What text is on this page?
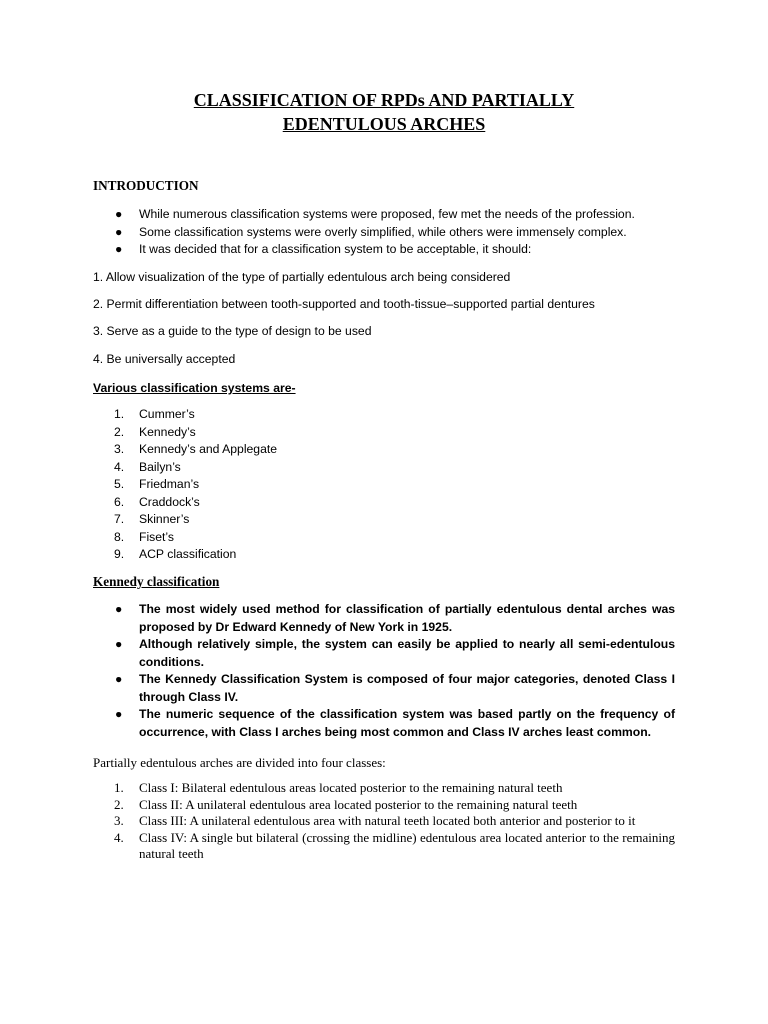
CLASSIFICATION OF RPDs AND PARTIALLY
EDENTULOUS ARCHES
INTRODUCTION
● While numerous classification systems were proposed, few met the needs of the profession.
● Some classification systems were overly simplified, while others were immensely complex.
● It was decided that for a classification system to be acceptable, it should:
1. Allow visualization of the type of partially edentulous arch being considered
2. Permit differentiation between tooth-supported and tooth-tissue–supported partial dentures
3. Serve as a guide to the type of design to be used
4. Be universally accepted
Various classification systems are-
1. Cummer’s
2. Kennedy’s
3. Kennedy’s and Applegate
4. Bailyn’s
5. Friedman’s
6. Craddock’s
7. Skinner’s
8. Fiset’s
9. ACP classification
Kennedy classification
● The most widely used method for classification of partially edentulous dental arches was proposed by Dr Edward Kennedy of New York in 1925.
● Although relatively simple, the system can easily be applied to nearly all semi-edentulous conditions.
● The Kennedy Classification System is composed of four major categories, denoted Class I through Class IV.
● The numeric sequence of the classification system was based partly on the frequency of occurrence, with Class I arches being most common and Class IV arches least common.
Partially edentulous arches are divided into four classes:
1. Class I: Bilateral edentulous areas located posterior to the remaining natural teeth
2. Class II: A unilateral edentulous area located posterior to the remaining natural teeth
3. Class III: A unilateral edentulous area with natural teeth located both anterior and posterior to it
4. Class IV: A single but bilateral (crossing the midline) edentulous area located anterior to the remaining natural teeth
